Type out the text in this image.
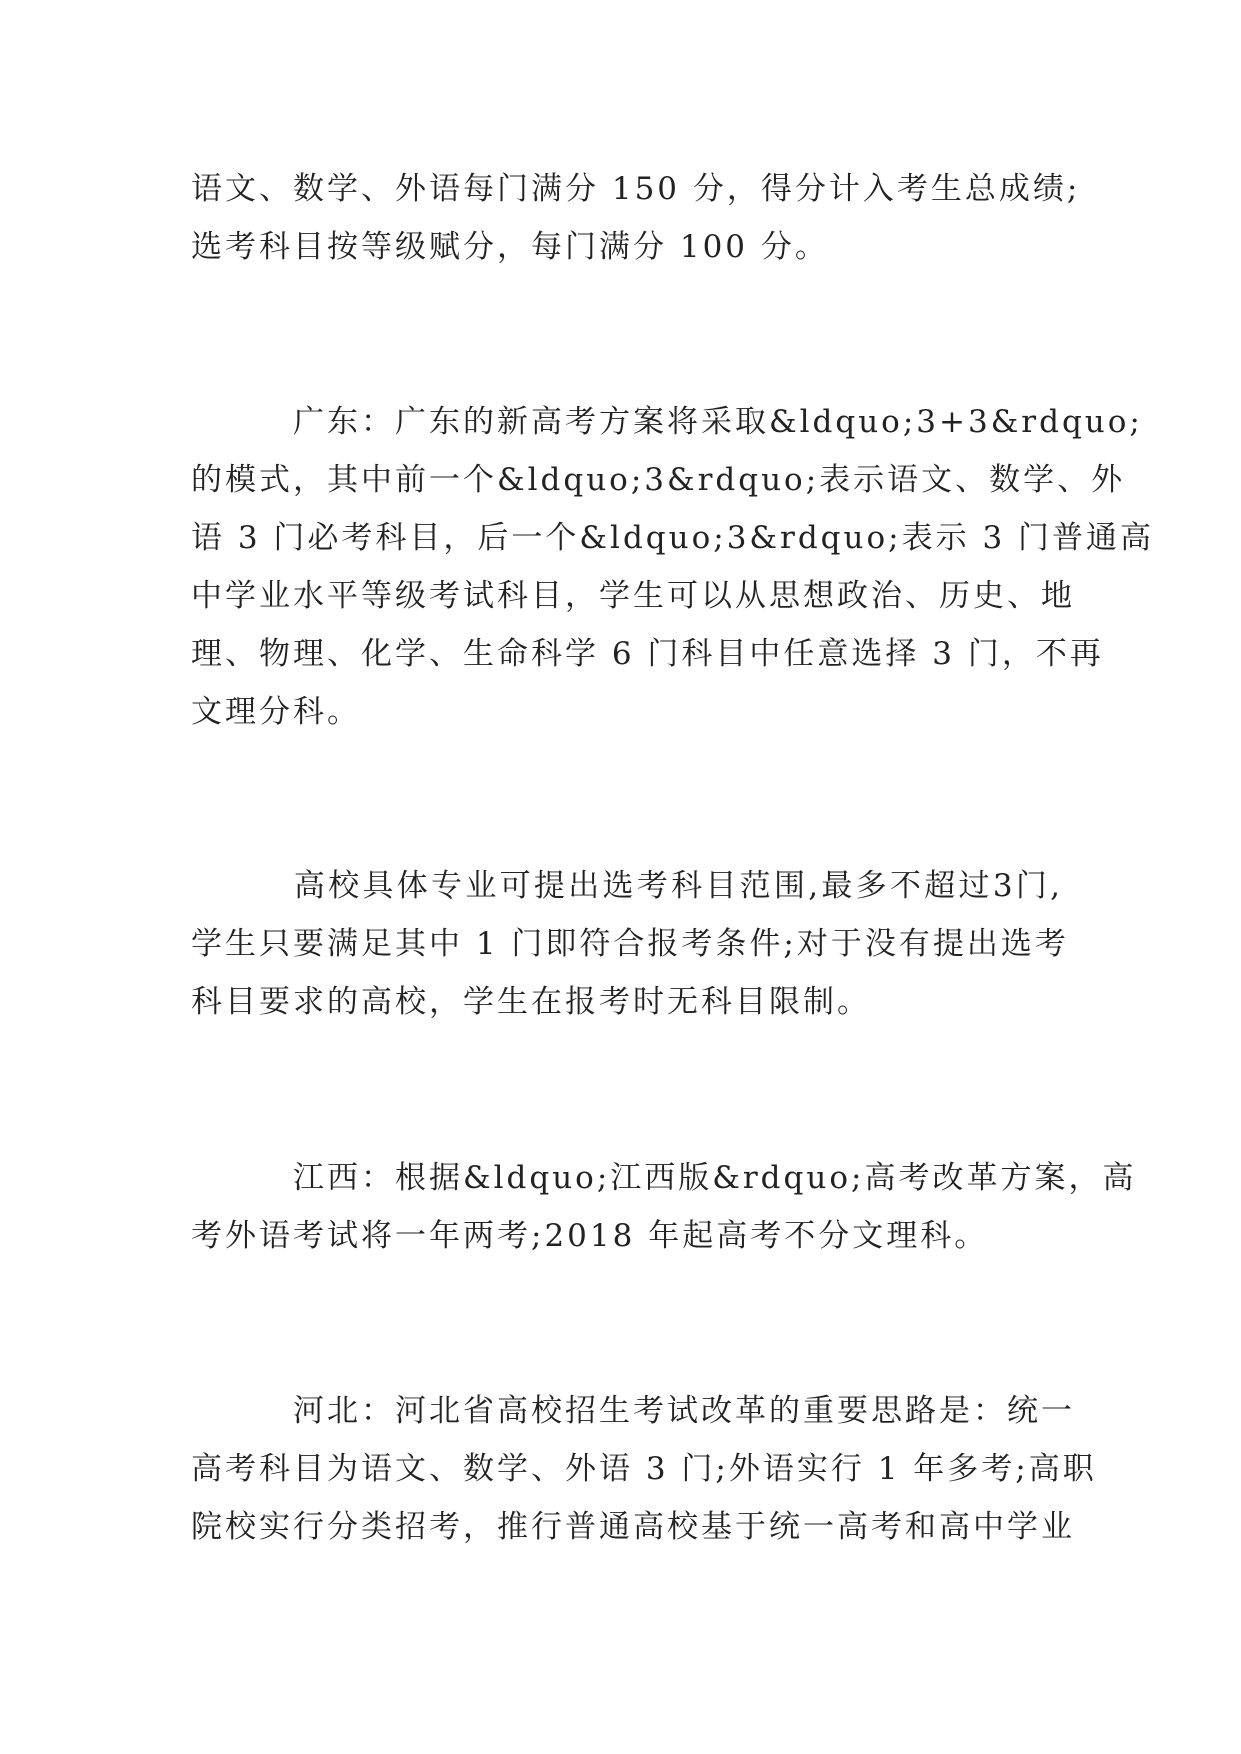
语文、数学、外语每门满分 150 分，得分计入考生总成绩;
选考科目按等级赋分，每门满分 100 分。
　　　广东：广东的新高考方案将采取&ldquo;3+3&rdquo;
的模式，其中前一个&ldquo;3&rdquo;表示语文、数学、外
语 3 门必考科目，后一个&ldquo;3&rdquo;表示 3 门普通高
中学业水平等级考试科目，学生可以从思想政治、历史、地
理、物理、化学、生命科学 6 门科目中任意选择 3 门，不再
文理分科。
　　　高校具体专业可提出选考科目范围,最多不超过3门,
学生只要满足其中 1 门即符合报考条件;对于没有提出选考
科目要求的高校，学生在报考时无科目限制。
　　　江西：根据&ldquo;江西版&rdquo;高考改革方案，高
考外语考试将一年两考;2018 年起高考不分文理科。
　　　河北：河北省高校招生考试改革的重要思路是：统一
高考科目为语文、数学、外语 3 门;外语实行 1 年多考;高职
院校实行分类招考，推行普通高校基于统一高考和高中学业
